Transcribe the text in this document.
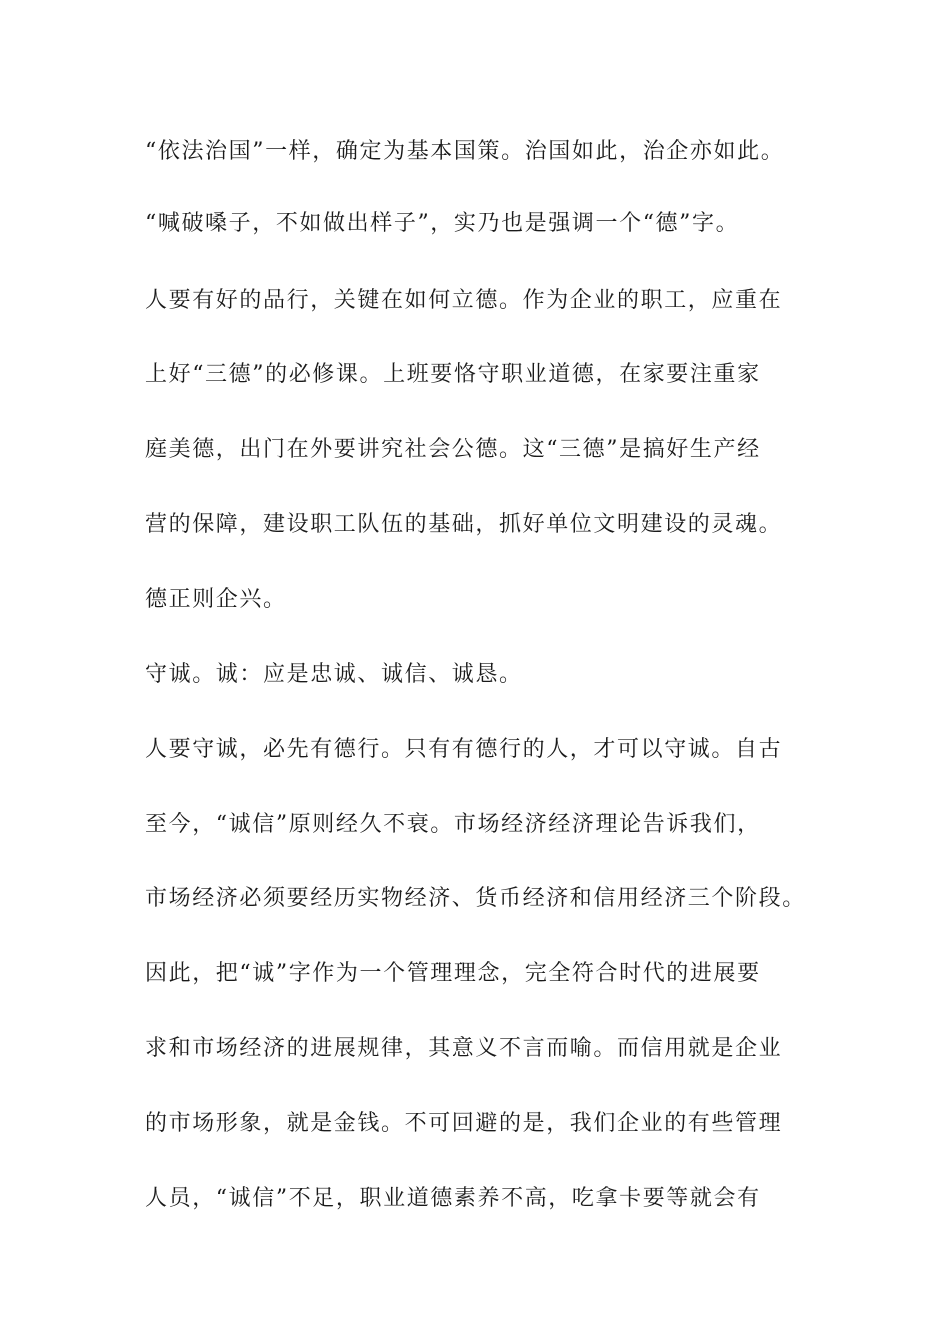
“依法治国”一样，确定为基本国策。治国如此，治企亦如此。

“喊破嗓子，不如做出样子”，实乃也是强调一个“德”字。

人要有好的品行，关键在如何立德。作为企业的职工，应重在

上好“三德”的必修课。上班要恪守职业道德，在家要注重家

庭美德，出门在外要讲究社会公德。这“三德”是搞好生产经

营的保障，建设职工队伍的基础，抓好单位文明建设的灵魂。

德正则企兴。

守诚。诚：应是忠诚、诚信、诚恳。

人要守诚，必先有德行。只有有德行的人，才可以守诚。自古

至今，“诚信”原则经久不衰。市场经济经济理论告诉我们，

市场经济必须要经历实物经济、货币经济和信用经济三个阶段。

因此，把“诚”字作为一个管理理念，完全符合时代的进展要

求和市场经济的进展规律，其意义不言而喻。而信用就是企业

的市场形象，就是金钱。不可回避的是，我们企业的有些管理

人员，“诚信”不足，职业道德素养不高，吃拿卡要等就会有
